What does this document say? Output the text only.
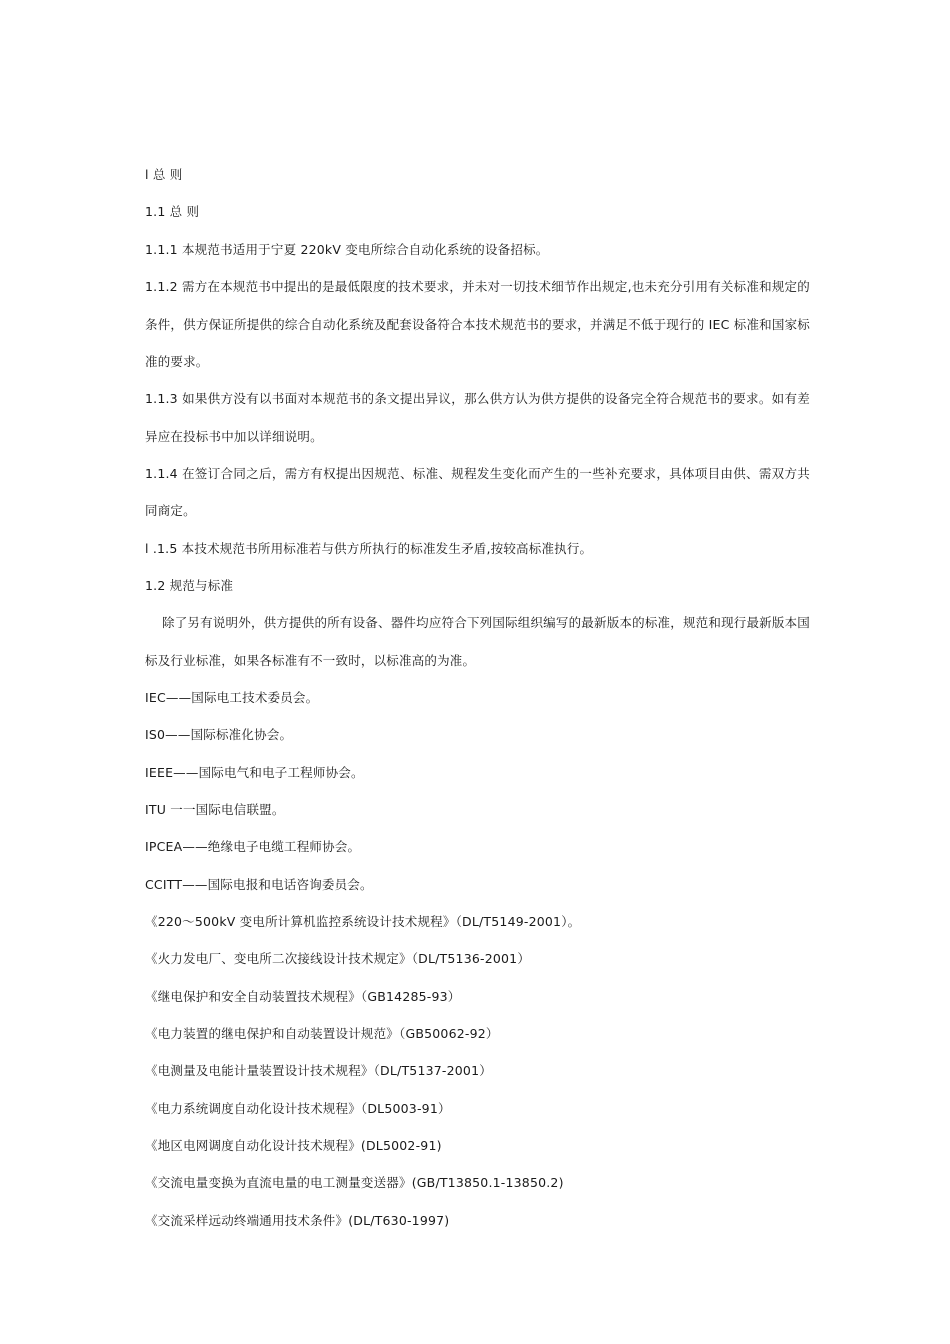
l 总 则
1.1 总 则
1.1.1 本规范书适用于宁夏 220kV 变电所综合自动化系统的设备招标。
1.1.2 需方在本规范书中提出的是最低限度的技术要求，并未对一切技术细节作出规定,也未充分引用有关标准和规定的
条件，供方保证所提供的综合自动化系统及配套设备符合本技术规范书的要求，并满足不低于现行的 IEC 标准和国家标
准的要求。
1.1.3 如果供方没有以书面对本规范书的条文提出异议，那么供方认为供方提供的设备完全符合规范书的要求。如有差
异应在投标书中加以详细说明。
1.1.4 在签订合同之后，需方有权提出因规范、标准、规程发生变化而产生的一些补充要求，具体项目由供、需双方共
同商定。
l .1.5 本技术规范书所用标准若与供方所执行的标准发生矛盾,按较高标准执行。
1.2 规范与标准
除了另有说明外，供方提供的所有设备、器件均应符合下列国际组织编写的最新版本的标准，规范和现行最新版本国
标及行业标准，如果各标准有不一致时，以标准高的为准。
IEC——国际电工技术委员会。
IS0——国际标准化协会。
IEEE——国际电气和电子工程师协会。
ITU 一一国际电信联盟。
IPCEA——绝缘电子电缆工程师协会。
CCITT——国际电报和电话咨询委员会。
《220～500kV 变电所计算机监控系统设计技术规程》（DL/T5149-2001）。
《火力发电厂、变电所二次接线设计技术规定》（DL/T5136-2001）
《继电保护和安全自动装置技术规程》（GB14285-93）
《电力装置的继电保护和自动装置设计规范》（GB50062-92）
《电测量及电能计量装置设计技术规程》（DL/T5137-2001）
《电力系统调度自动化设计技术规程》（DL5003-91）
《地区电网调度自动化设计技术规程》(DL5002-91)
《交流电量变换为直流电量的电工测量变送器》(GB/T13850.1-13850.2)
《交流采样远动终端通用技术条件》(DL/T630-1997)
